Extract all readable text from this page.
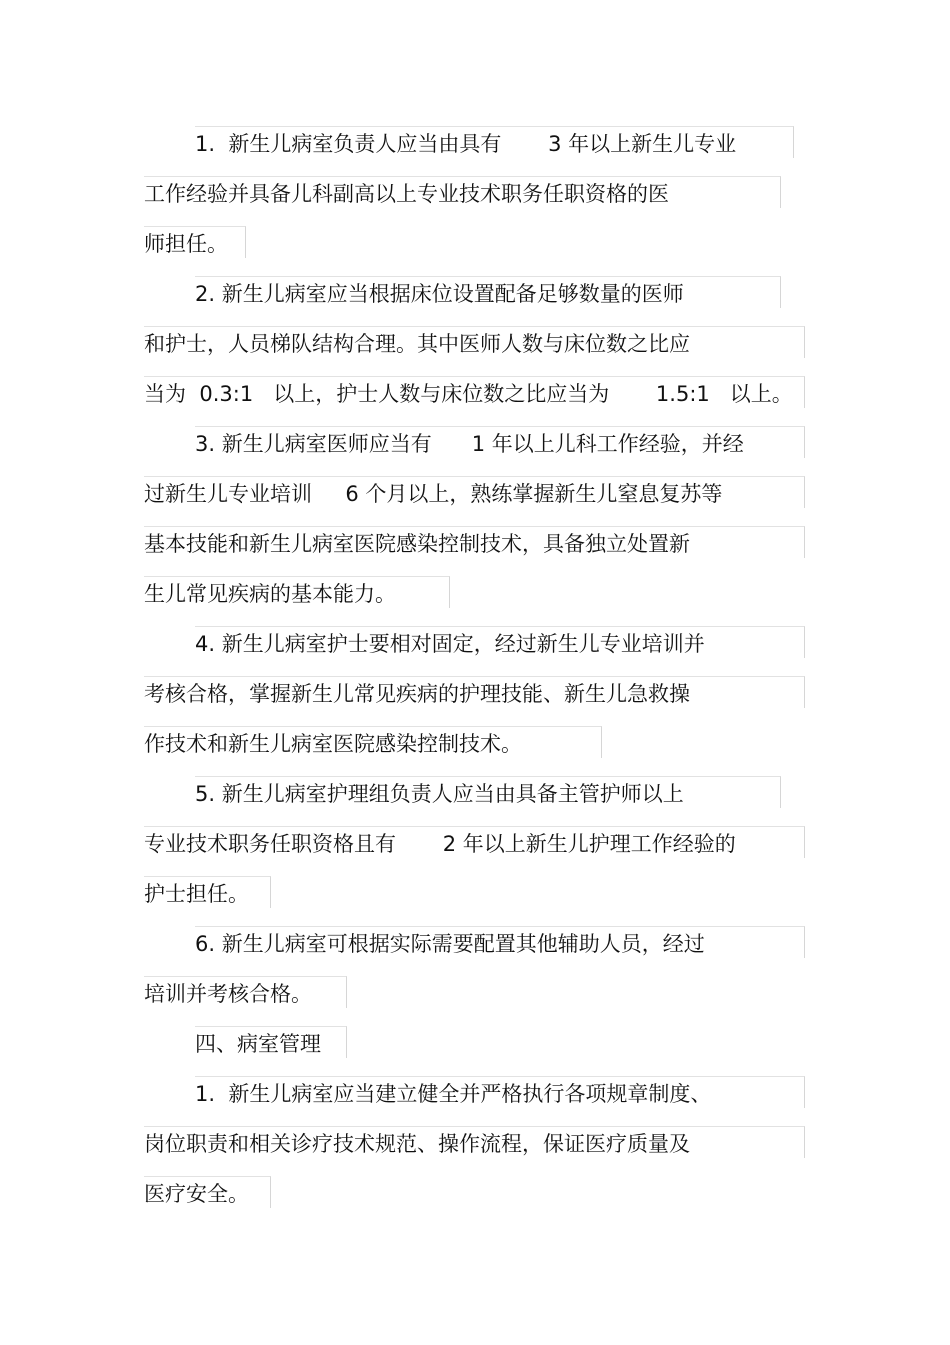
1.  新生儿病室负责人应当由具有       3 年以上新生儿专业
工作经验并具备儿科副高以上专业技术职务任职资格的医
师担任。
2. 新生儿病室应当根据床位设置配备足够数量的医师
和护士，人员梯队结构合理。其中医师人数与床位数之比应
当为  0.3:1   以上，护士人数与床位数之比应当为       1.5:1   以上。
3. 新生儿病室医师应当有      1 年以上儿科工作经验，并经
过新生儿专业培训     6 个月以上，熟练掌握新生儿窒息复苏等
基本技能和新生儿病室医院感染控制技术，具备独立处置新
生儿常见疾病的基本能力。
4. 新生儿病室护士要相对固定，经过新生儿专业培训并
考核合格，掌握新生儿常见疾病的护理技能、新生儿急救操
作技术和新生儿病室医院感染控制技术。
5. 新生儿病室护理组负责人应当由具备主管护师以上
专业技术职务任职资格且有       2 年以上新生儿护理工作经验的
护士担任。
6. 新生儿病室可根据实际需要配置其他辅助人员，经过
培训并考核合格。
四、病室管理
1.  新生儿病室应当建立健全并严格执行各项规章制度、
岗位职责和相关诊疗技术规范、操作流程，保证医疗质量及
医疗安全。
